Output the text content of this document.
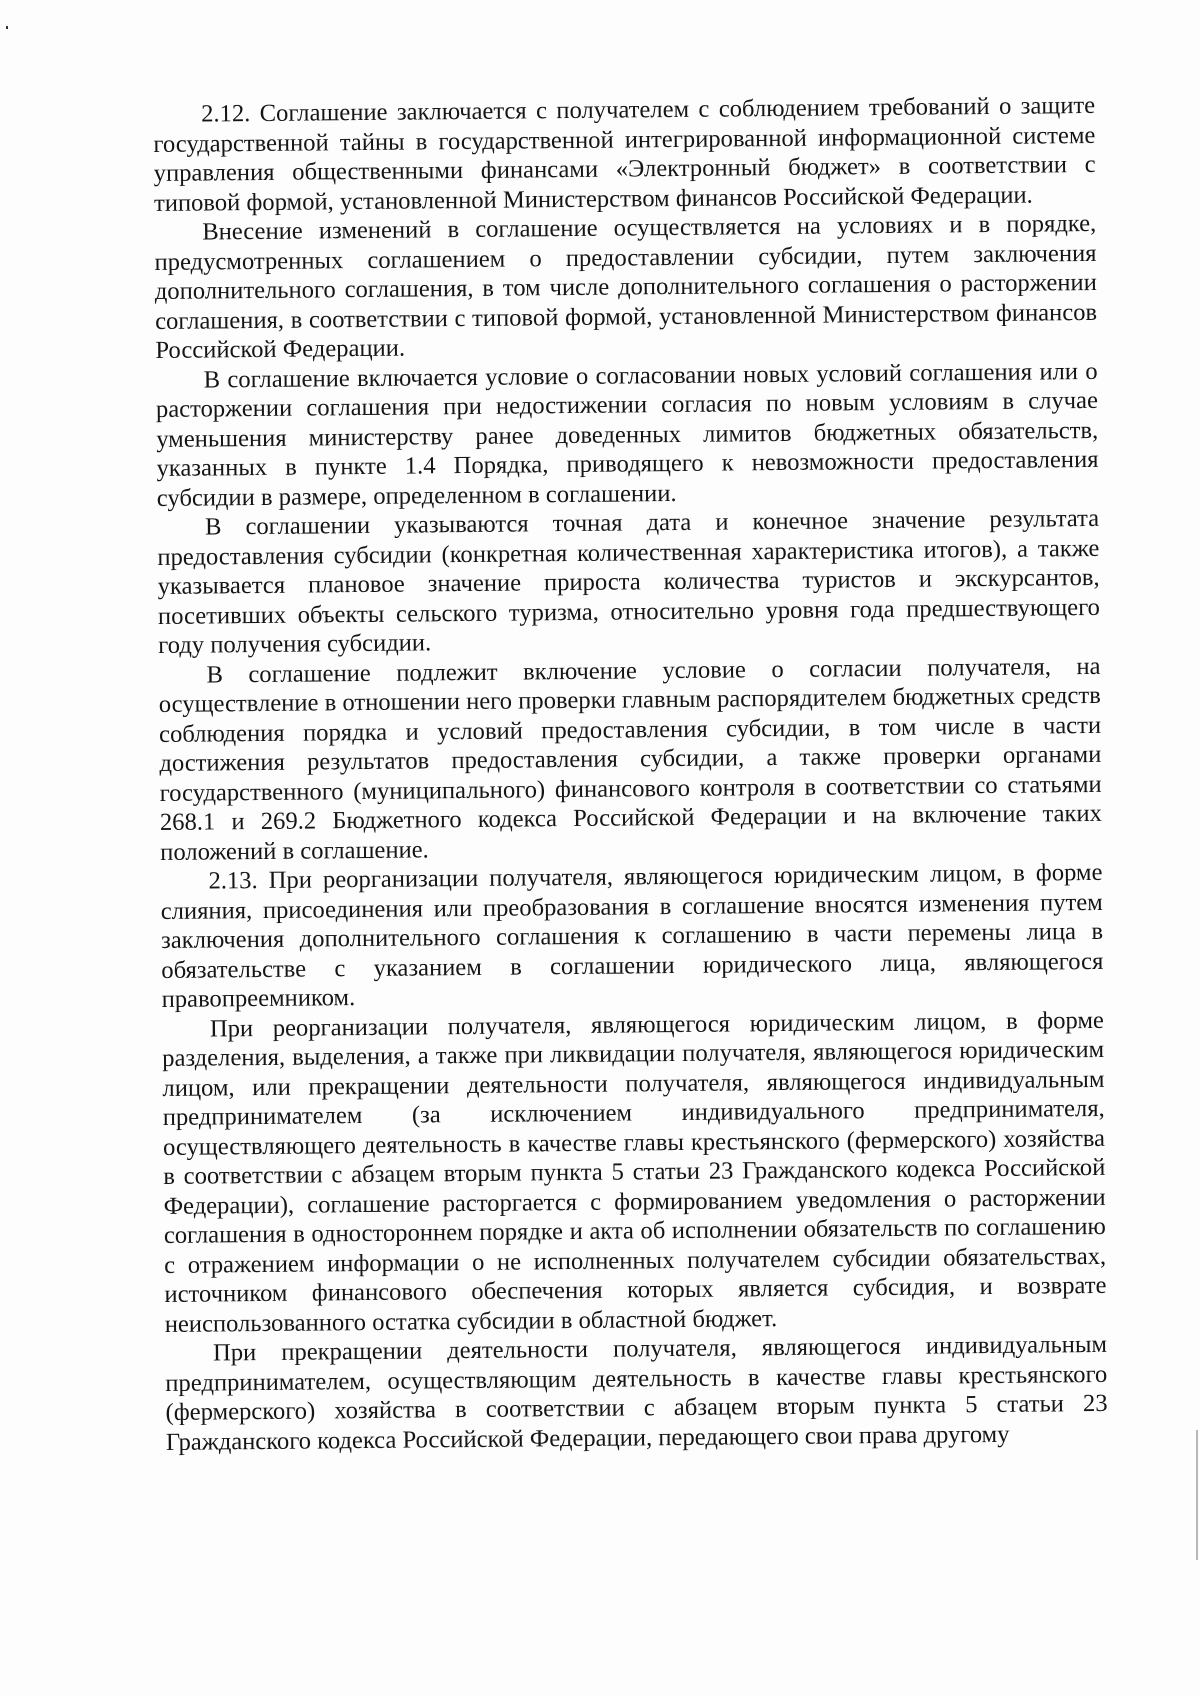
2.12. Соглашение заключается с получателем с соблюдением требований о защите государственной тайны в государственной интегрированной информационной системе управления общественными финансами «Электронный бюджет» в соответствии с типовой формой, установленной Министерством финансов Российской Федерации.

Внесение изменений в соглашение осуществляется на условиях и в порядке, предусмотренных соглашением о предоставлении субсидии, путем заключения дополнительного соглашения, в том числе дополнительного соглашения о расторжении соглашения, в соответствии с типовой формой, установленной Министерством финансов Российской Федерации.

В соглашение включается условие о согласовании новых условий соглашения или о расторжении соглашения при недостижении согласия по новым условиям в случае уменьшения министерству ранее доведенных лимитов бюджетных обязательств, указанных в пункте 1.4 Порядка, приводящего к невозможности предоставления субсидии в размере, определенном в соглашении.

В соглашении указываются точная дата и конечное значение результата предоставления субсидии (конкретная количественная характеристика итогов), а также указывается плановое значение прироста количества туристов и экскурсантов, посетивших объекты сельского туризма, относительно уровня года предшествующего году получения субсидии.

В соглашение подлежит включение условие о согласии получателя, на осуществление в отношении него проверки главным распорядителем бюджетных средств соблюдения порядка и условий предоставления субсидии, в том числе в части достижения результатов предоставления субсидии, а также проверки органами государственного (муниципального) финансового контроля в соответствии со статьями 268.1 и 269.2 Бюджетного кодекса Российской Федерации и на включение таких положений в соглашение.

2.13. При реорганизации получателя, являющегося юридическим лицом, в форме слияния, присоединения или преобразования в соглашение вносятся изменения путем заключения дополнительного соглашения к соглашению в части перемены лица в обязательстве с указанием в соглашении юридического лица, являющегося правопреемником.

При реорганизации получателя, являющегося юридическим лицом, в форме разделения, выделения, а также при ликвидации получателя, являющегося юридическим лицом, или прекращении деятельности получателя, являющегося индивидуальным предпринимателем (за исключением индивидуального предпринимателя, осуществляющего деятельность в качестве главы крестьянского (фермерского) хозяйства в соответствии с абзацем вторым пункта 5 статьи 23 Гражданского кодекса Российской Федерации), соглашение расторгается с формированием уведомления о расторжении соглашения в одностороннем порядке и акта об исполнении обязательств по соглашению с отражением информации о не исполненных получателем субсидии обязательствах, источником финансового обеспечения которых является субсидия, и возврате неиспользованного остатка субсидии в областной бюджет.

При прекращении деятельности получателя, являющегося индивидуальным предпринимателем, осуществляющим деятельность в качестве главы крестьянского (фермерского) хозяйства в соответствии с абзацем вторым пункта 5 статьи 23 Гражданского кодекса Российской Федерации, передающего свои права другому
